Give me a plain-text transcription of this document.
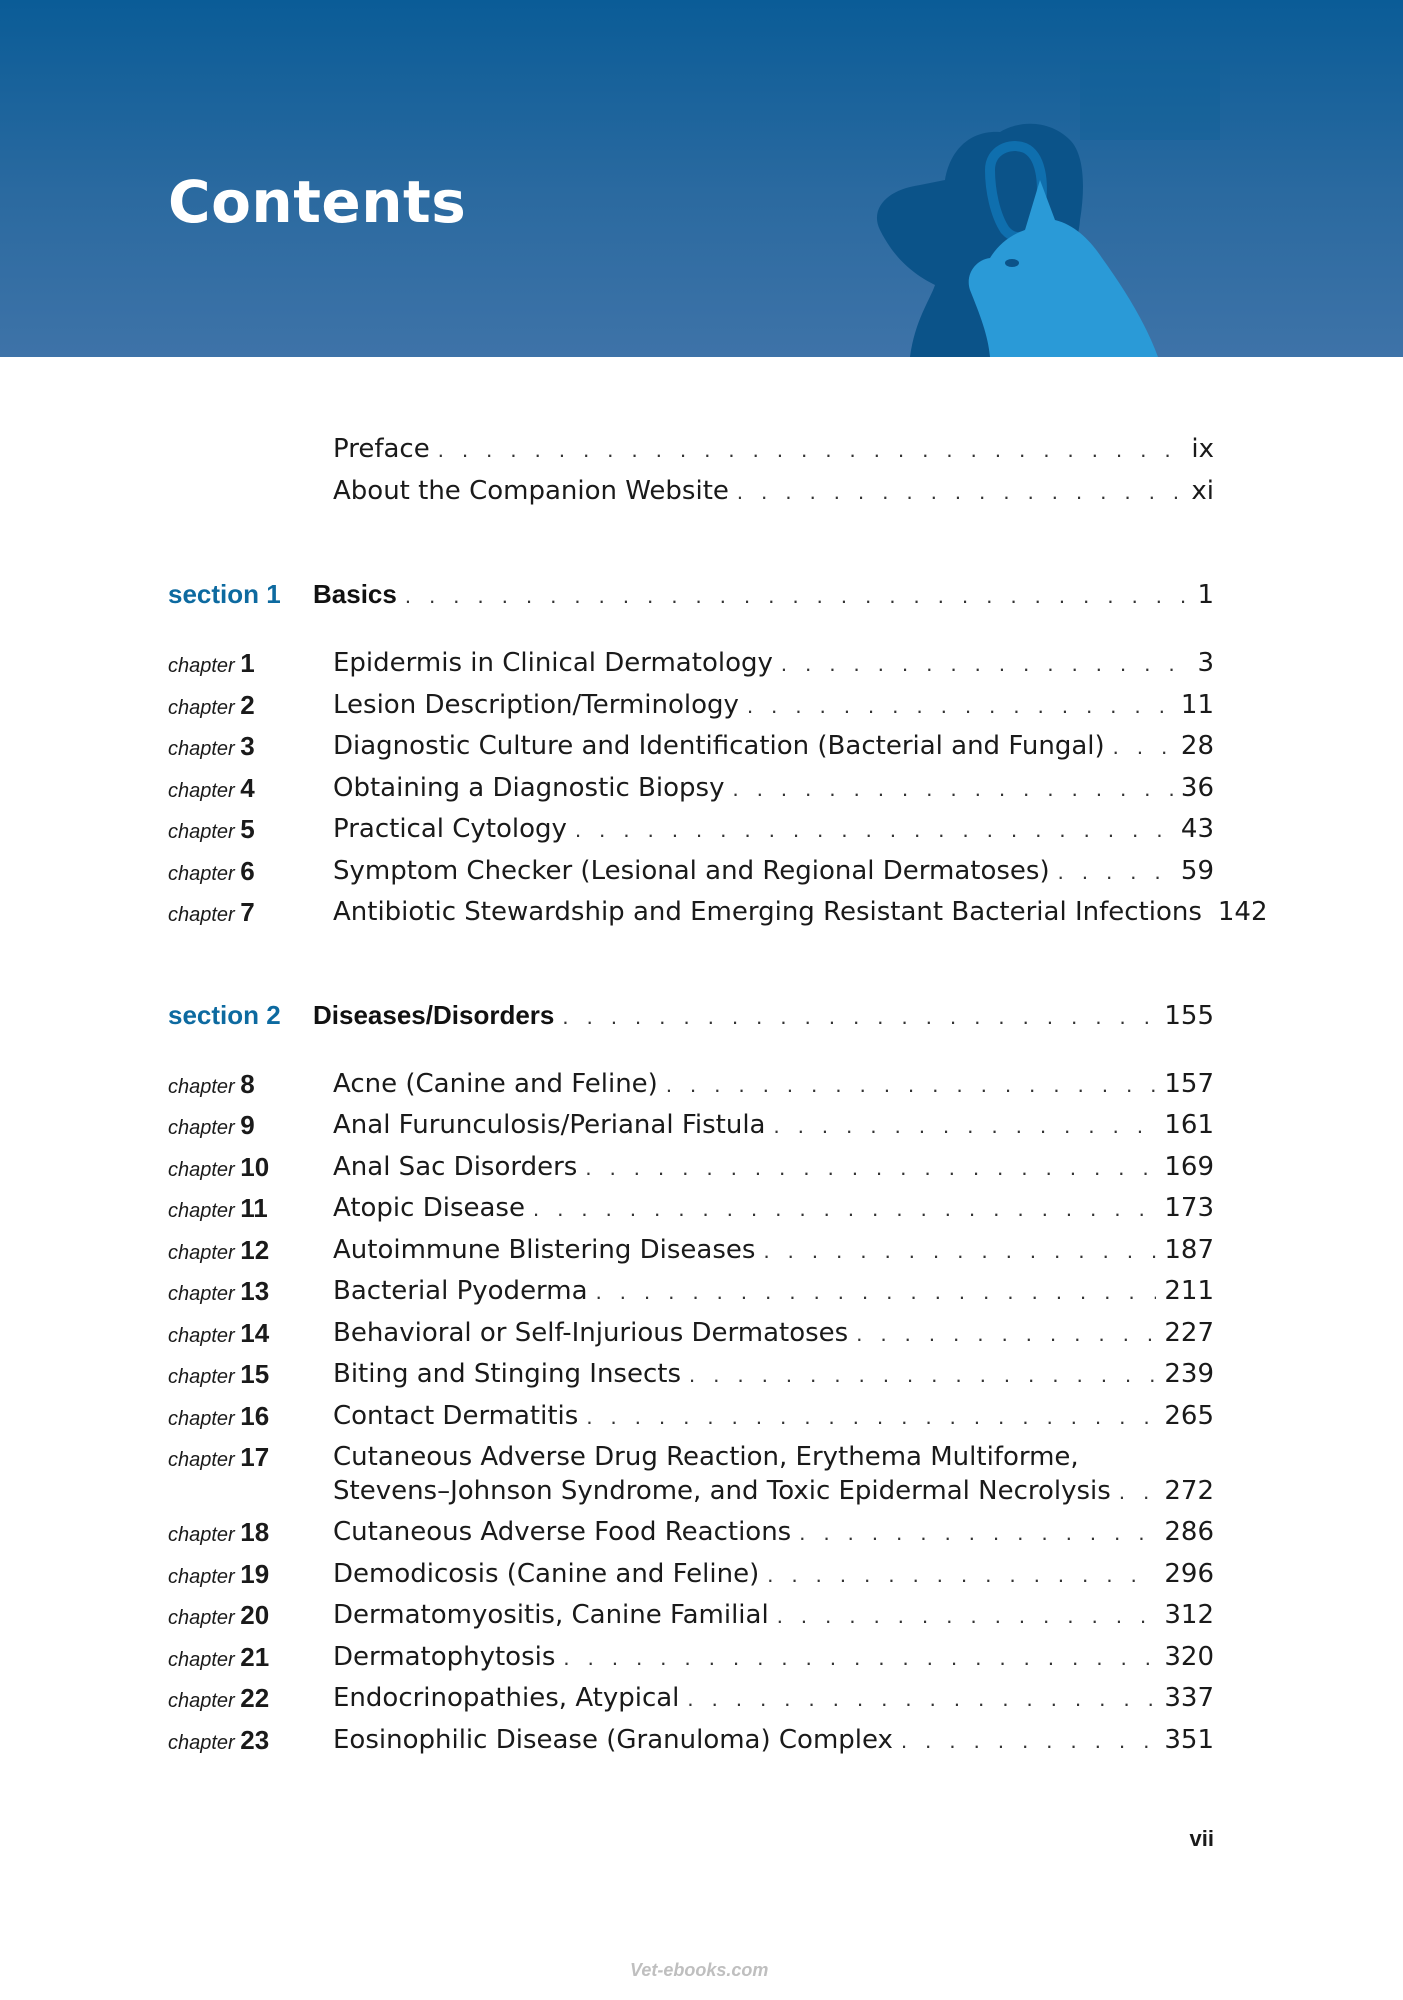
Contents
Preface . . .	ix
About the Companion Website . . .	xi
section 1 Basics . . .	1
chapter 1	Epidermis in Clinical Dermatology . . .	3
chapter 2	Lesion Description/Terminology . . .	11
chapter 3	Diagnostic Culture and Identification (Bacterial and Fungal) . . .	28
chapter 4	Obtaining a Diagnostic Biopsy . . .	36
chapter 5	Practical Cytology . . .	43
chapter 6	Symptom Checker (Lesional and Regional Dermatoses) . . .	59
chapter 7	Antibiotic Stewardship and Emerging Resistant Bacterial Infections 142
section 2 Diseases/Disorders . . .	155
chapter 8	Acne (Canine and Feline) . . .	157
chapter 9	Anal Furunculosis/Perianal Fistula . . .	161
chapter 10 Anal Sac Disorders . . .	169
chapter 11	Atopic Disease . . .	173
chapter 12 Autoimmune Blistering Diseases . . .	187
chapter 13 Bacterial Pyoderma . . .	211
chapter 14 Behavioral or Self-Injurious Dermatoses . . .	227
chapter 15 Biting and Stinging Insects . . .	239
chapter 16 Contact Dermatitis . . .	265
chapter 17 Cutaneous Adverse Drug Reaction, Erythema Multiforme,
Stevens–Johnson Syndrome, and Toxic Epidermal Necrolysis . . . 272
chapter 18 Cutaneous Adverse Food Reactions . . .	286
chapter 19 Demodicosis (Canine and Feline) . . .	296
chapter 20 Dermatomyositis, Canine Familial . . .	312
chapter 21 Dermatophytosis . . .	320
chapter 22 Endocrinopathies, Atypical . . .	337
chapter 23 Eosinophilic Disease (Granuloma) Complex . . .	351
vii
Vet-ebooks.com
